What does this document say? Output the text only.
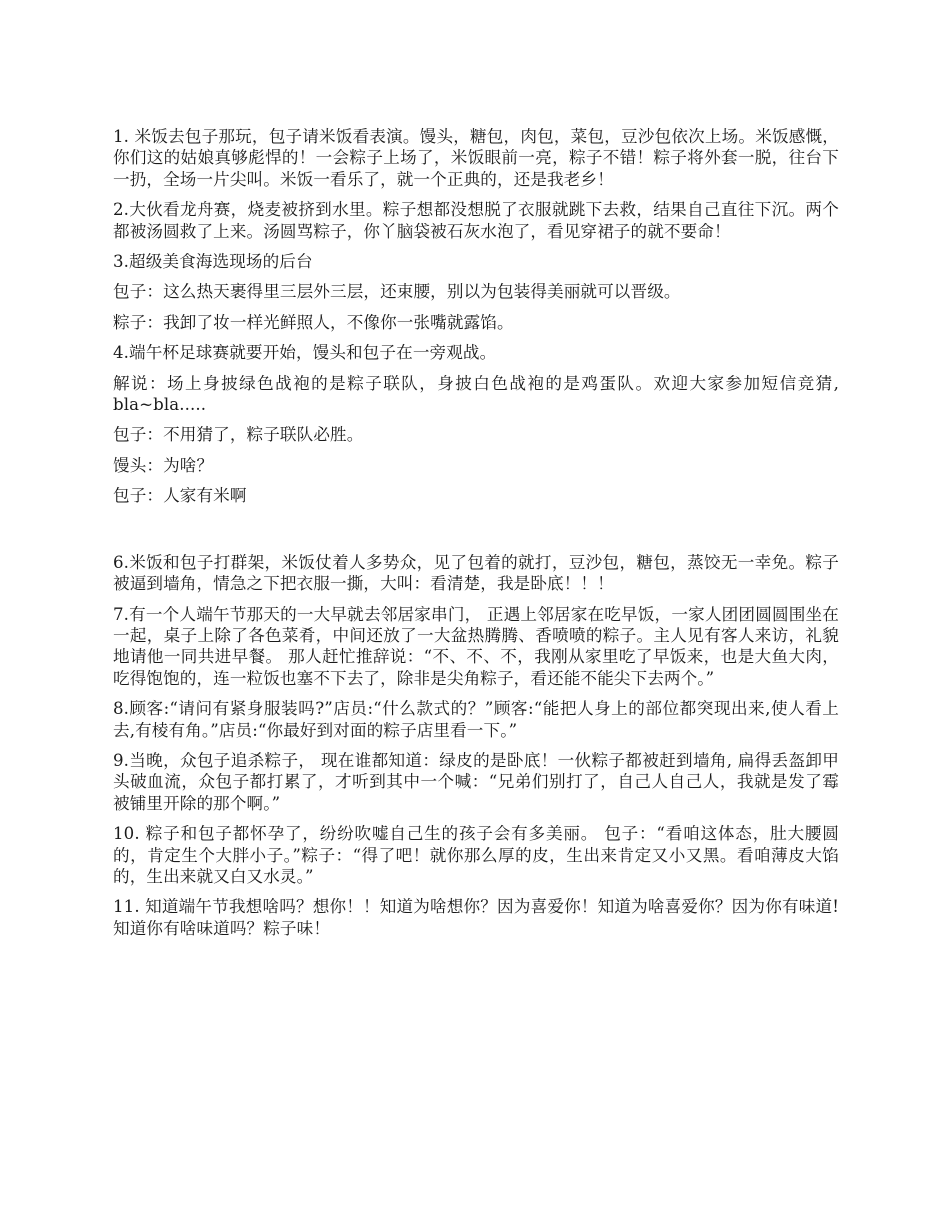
1. 米饭去包子那玩，包子请米饭看表演。馒头，糖包，肉包，菜包，豆沙包依次上场。米饭感慨，你们这的姑娘真够彪悍的！一会粽子上场了，米饭眼前一亮，粽子不错！粽子将外套一脱，往台下一扔，全场一片尖叫。米饭一看乐了，就一个正典的，还是我老乡！

2.大伙看龙舟赛，烧麦被挤到水里。粽子想都没想脱了衣服就跳下去救，结果自己直往下沉。两个都被汤圆救了上来。汤圆骂粽子，你丫脑袋被石灰水泡了，看见穿裙子的就不要命！

3.超级美食海选现场的后台

包子：这么热天裹得里三层外三层，还束腰，别以为包装得美丽就可以晋级。

粽子：我卸了妆一样光鲜照人，不像你一张嘴就露馅。

4.端午杯足球赛就要开始，馒头和包子在一旁观战。

解说：场上身披绿色战袍的是粽子联队，身披白色战袍的是鸡蛋队。欢迎大家参加短信竞猜, bla~bla.....

包子：不用猜了，粽子联队必胜。

馒头：为啥？

包子：人家有米啊

6.米饭和包子打群架，米饭仗着人多势众，见了包着的就打，豆沙包，糖包，蒸饺无一幸免。粽子被逼到墙角，情急之下把衣服一撕，大叫：看清楚，我是卧底！！！

7.有一个人端午节那天的一大早就去邻居家串门， 正遇上邻居家在吃早饭，一家人团团圆圆围坐在一起，桌子上除了各色菜肴，中间还放了一大盆热腾腾、香喷喷的粽子。主人见有客人来访，礼貌地请他一同共进早餐。 那人赶忙推辞说：“不、不、不，我刚从家里吃了早饭来，也是大鱼大肉，吃得饱饱的，连一粒饭也塞不下去了，除非是尖角粽子，看还能不能尖下去两个。”

8.顾客:“请问有紧身服装吗?”店员:“什么款式的？”顾客:“能把人身上的部位都突现出来,使人看上去,有棱有角。”店员:“你最好到对面的粽子店里看一下。”

9.当晚，众包子追杀粽子， 现在谁都知道：绿皮的是卧底！一伙粽子都被赶到墙角, 扁得丢盔卸甲头破血流，众包子都打累了，才听到其中一个喊：“兄弟们别打了，自己人自己人，我就是发了霉被铺里开除的那个啊。”

10. 粽子和包子都怀孕了，纷纷吹嘘自己生的孩子会有多美丽。 包子：“看咱这体态，肚大腰圆的，肯定生个大胖小子。”粽子：“得了吧！就你那么厚的皮，生出来肯定又小又黑。看咱薄皮大馅的，生出来就又白又水灵。”

11. 知道端午节我想啥吗？想你！！知道为啥想你？因为喜爱你！知道为啥喜爱你？因为你有味道!知道你有啥味道吗？粽子味！
